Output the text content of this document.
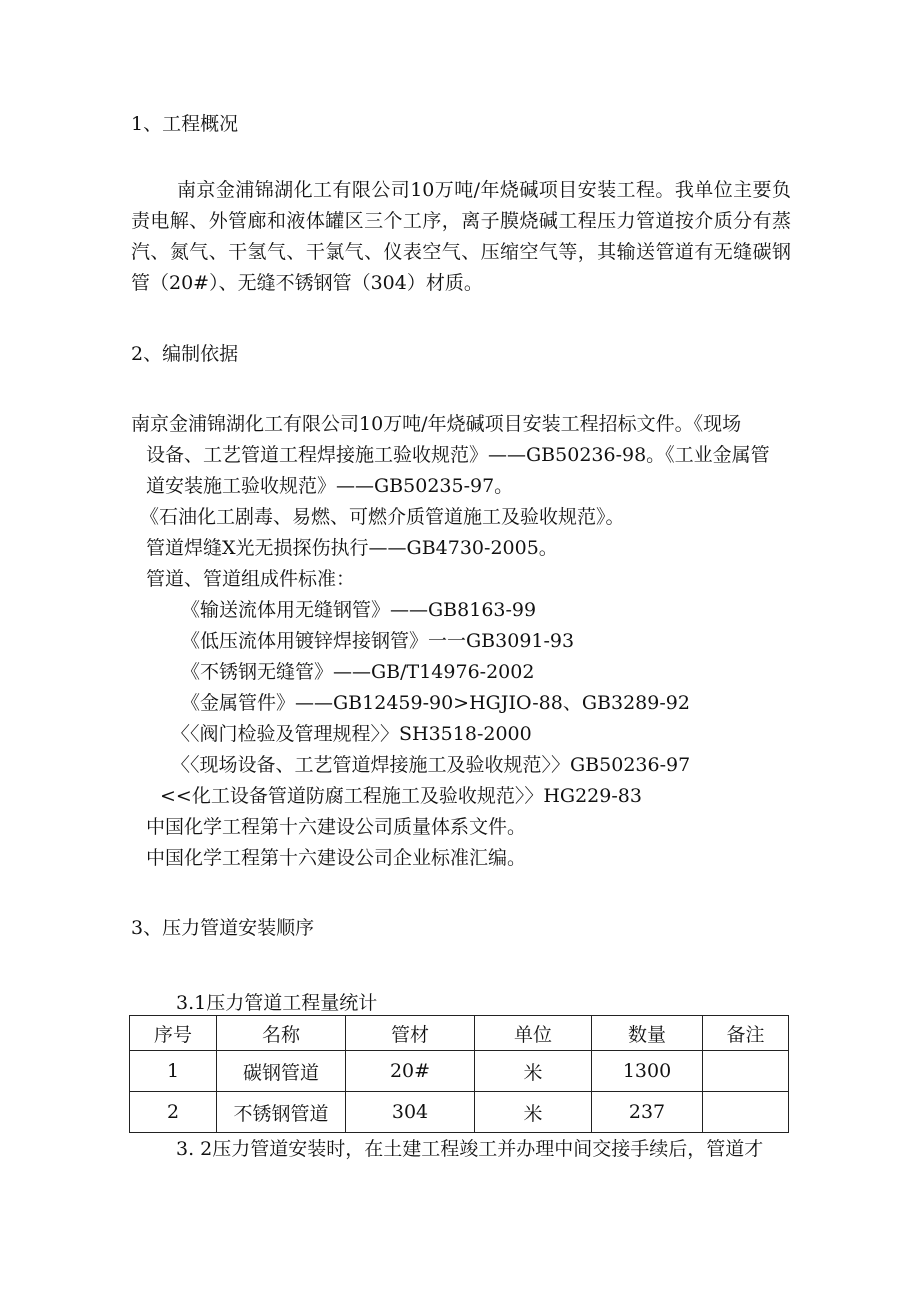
1、工程概况
南京金浦锦湖化工有限公司10万吨/年烧碱项目安装工程。我单位主要负责电解、外管廊和液体罐区三个工序，离子膜烧碱工程压力管道按介质分有蒸汽、氮气、干氢气、干氯气、仪表空气、压缩空气等，其输送管道有无缝碳钢管（20#）、无缝不锈钢管（304）材质。
2、编制依据
南京金浦锦湖化工有限公司10万吨/年烧碱项目安装工程招标文件。《现场
设备、工艺管道工程焊接施工验收规范》——GB50236-98。《工业金属管
道安装施工验收规范》——GB50235-97。
《石油化工剧毒、易燃、可燃介质管道施工及验收规范》。
管道焊缝X光无损探伤执行——GB4730-2005。
管道、管道组成件标准：
《输送流体用无缝钢管》——GB8163-99
《低压流体用镀锌焊接钢管》一一GB3091-93
《不锈钢无缝管》——GB/T14976-2002
《金属管件》——GB12459-90>HGJIO-88、GB3289-92
〈〈阀门检验及管理规程〉〉SH3518-2000
〈〈现场设备、工艺管道焊接施工及验收规范〉〉GB50236-97
<<化工设备管道防腐工程施工及验收规范〉〉HG229-83
中国化学工程第十六建设公司质量体系文件。
中国化学工程第十六建设公司企业标准汇编。
3、压力管道安装顺序
3.1压力管道工程量统计
序号	名称	管材	单位	数量	备注
1	碳钢管道	20#	米	1300	
2	不锈钢管道	304	米	237	
3. 2压力管道安装时，在土建工程竣工并办理中间交接手续后，管道才
